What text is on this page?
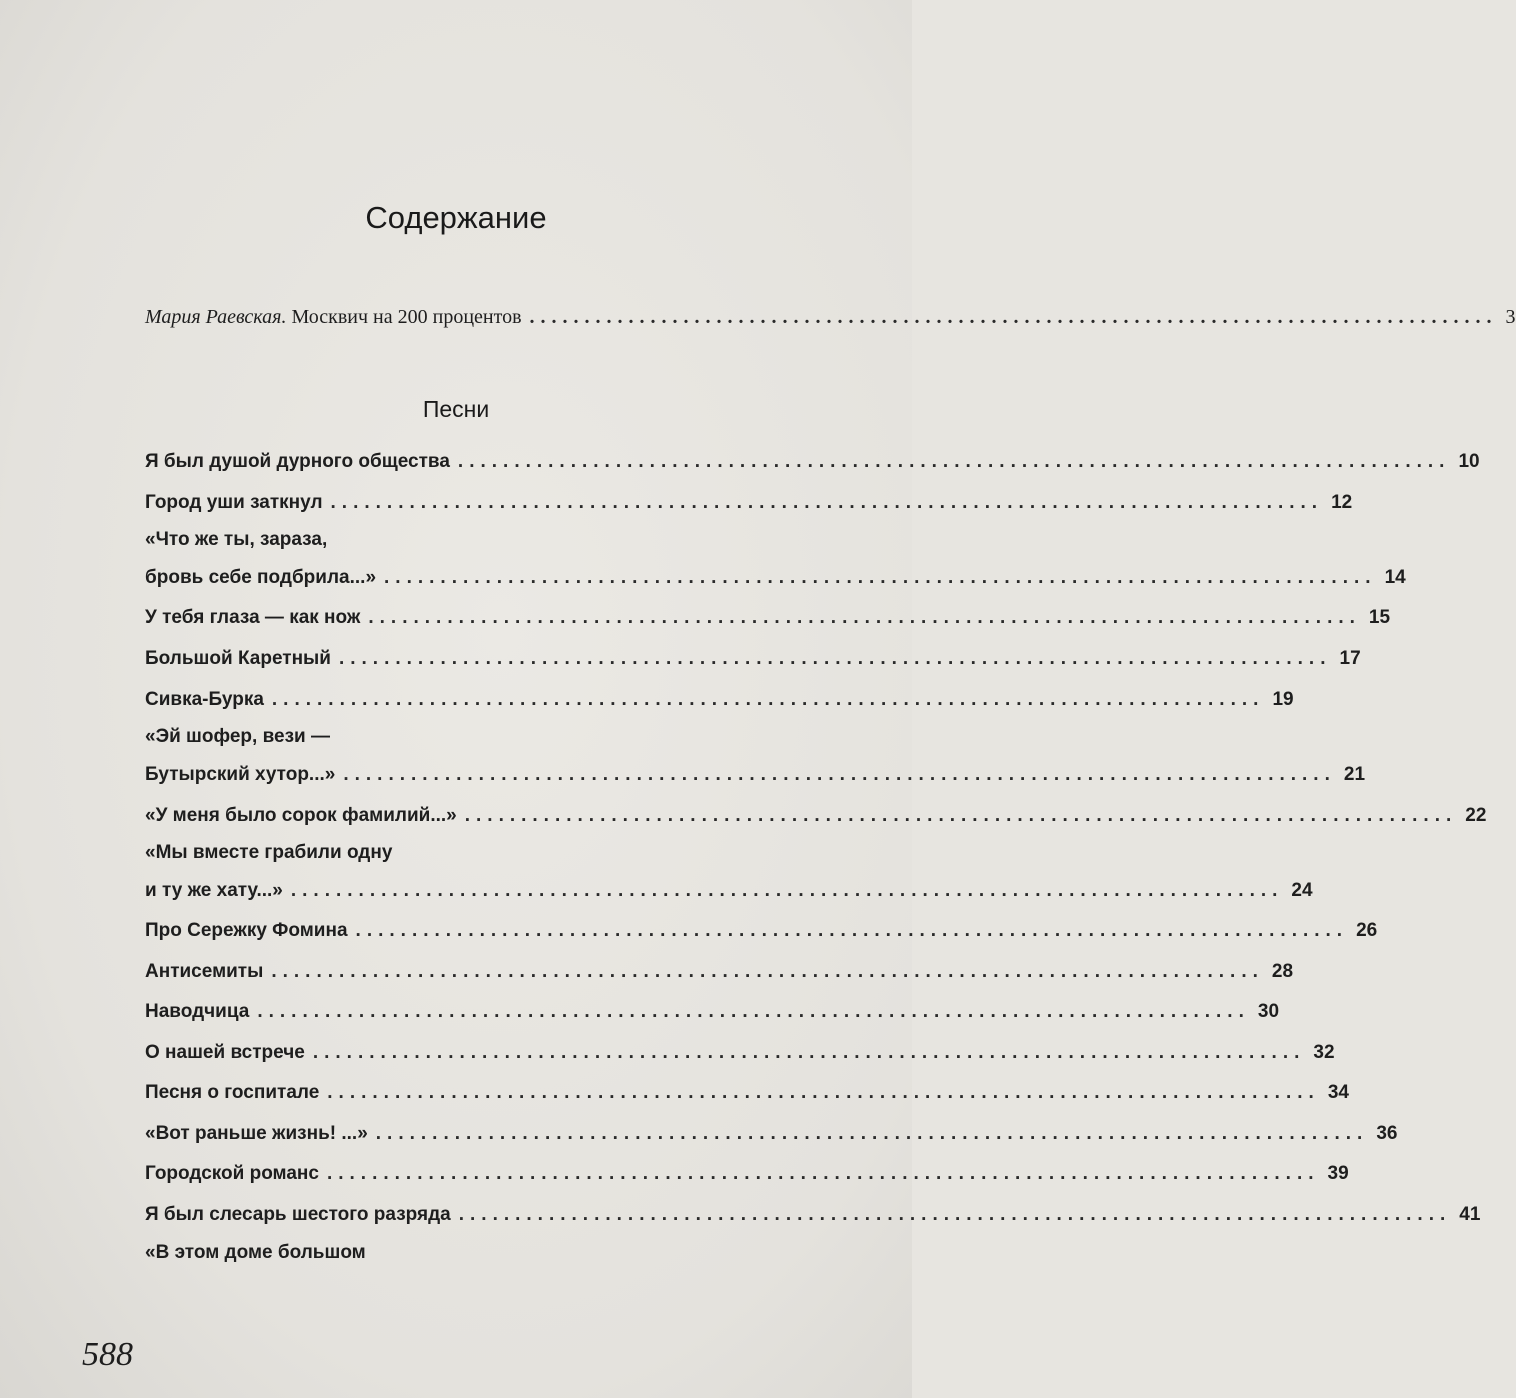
Содержание
Мария Раевская. Москвич на 200 процентов ........................................................................................ 3
Песни
Я был душой дурного общества ........................................................................................ 10
Город уши заткнул ........................................................................................ 12
«Что же ты, зараза,
бровь себе подбрила...» ........................................................................................ 14
У тебя глаза — как нож ........................................................................................ 15
Большой Каретный ........................................................................................ 17
Сивка-Бурка ........................................................................................ 19
«Эй шофер, вези —
Бутырский хутор...» ........................................................................................ 21
«У меня было сорок фамилий...» ........................................................................................ 22
«Мы вместе грабили одну
и ту же хату...» ........................................................................................ 24
Про Сережку Фомина ........................................................................................ 26
Антисемиты ........................................................................................ 28
Наводчица ........................................................................................ 30
О нашей встрече ........................................................................................ 32
Песня о госпитале ........................................................................................ 34
«Вот раньше жизнь! ...» ........................................................................................ 36
Городской романс ........................................................................................ 39
Я был слесарь шестого разряда ........................................................................................ 41
«В этом доме большом
588
